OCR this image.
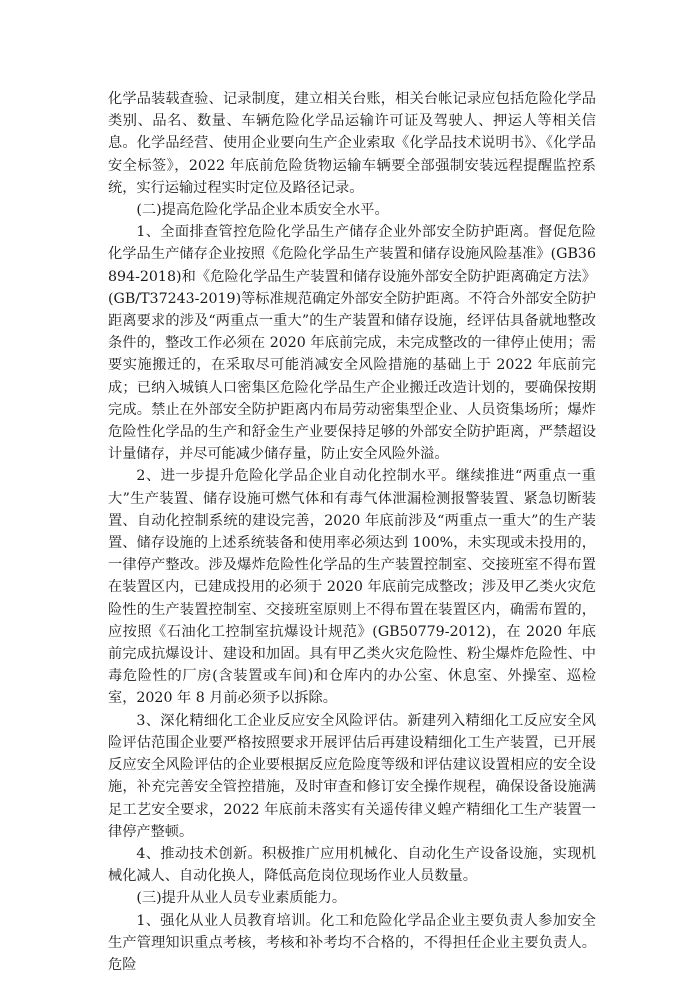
化学品装载查验、记录制度，建立相关台账，相关台帐记录应包括危险化学品类别、品名、数量、车辆危险化学品运输许可证及驾驶人、押运人等相关信息。化学品经营、使用企业要向生产企业索取《化学品技术说明书》、《化学品安全标签》，2022 年底前危险货物运输车辆要全部强制安装远程提醒监控系统，实行运输过程实时定位及路径记录。

(二)提高危险化学品企业本质安全水平。

1、全面排查管控危险化学品生产储存企业外部安全防护距离。督促危险化学品生产储存企业按照《危险化学品生产装置和储存设施风险基准》(GB36894-2018)和《危险化学品生产装置和储存设施外部安全防护距离确定方法》(GB/T37243-2019)等标准规范确定外部安全防护距离。不符合外部安全防护距离要求的涉及“两重点一重大”的生产装置和储存设施，经评估具备就地整改条件的，整改工作必须在 2020 年底前完成，未完成整改的一律停止使用；需要实施搬迁的，在采取尽可能消减安全风险措施的基础上于 2022 年底前完成；已纳入城镇人口密集区危险化学品生产企业搬迁改造计划的，要确保按期完成。禁止在外部安全防护距离内布局劳动密集型企业、人员资集场所；爆炸危险性化学品的生产和舒金生产业要保持足够的外部安全防护距离，严禁超设计量储存，并尽可能减少储存量，防止安全风险外溢。

2、进一步提升危险化学品企业自动化控制水平。继续推进“两重点一重大”生产装置、储存设施可燃气体和有毒气体泄漏检测报警装置、紧急切断装置、自动化控制系统的建设完善，2020 年底前涉及“两重点一重大”的生产装置、储存设施的上述系统装备和使用率必须达到 100%，未实现或未投用的，一律停产整改。涉及爆炸危险性化学品的生产装置控制室、交接班室不得布置在装置区内，已建成投用的必须于 2020 年底前完成整改；涉及甲乙类火灾危险性的生产装置控制室、交接班室原则上不得布置在装置区内，确需布置的，应按照《石油化工控制室抗爆设计规范》(GB50779-2012)，在 2020 年底前完成抗爆设计、建设和加固。具有甲乙类火灾危险性、粉尘爆炸危险性、中毒危险性的厂房(含装置或车间)和仓库内的办公室、休息室、外操室、巡检室，2020 年 8 月前必须予以拆除。

3、深化精细化工企业反应安全风险评估。新建列入精细化工反应安全风险评估范围企业要严格按照要求开展评估后再建设精细化工生产装置，已开展反应安全风险评估的企业要根据反应危险度等级和评估建议设置相应的安全设施，补充完善安全管控措施，及时审查和修订安全操作规程，确保设备设施满足工艺安全要求，2022 年底前未落实有关遥传律义蝗产精细化工生产装置一律停产整顿。

4、推动技术创新。积极推广应用机械化、自动化生产设备设施，实现机械化减人、自动化换人，降低高危岗位现场作业人员数量。

(三)提升从业人员专业素质能力。

1、强化从业人员教育培训。化工和危险化学品企业主要负责人参加安全生产管理知识重点考核，考核和补考均不合格的，不得担任企业主要负责人。危险
